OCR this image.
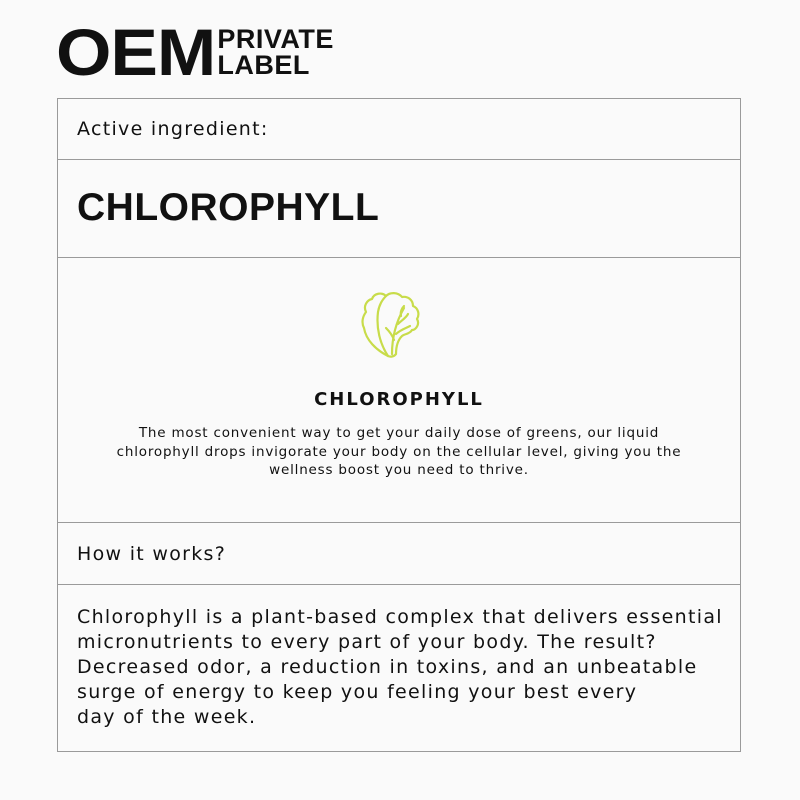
OEM PRIVATE
LABEL
Active ingredient:
CHLOROPHYLL
CHLOROPHYLL
The most convenient way to get your daily dose of greens, our liquid chlorophyll drops invigorate your body on the cellular level, giving you the wellness boost you need to thrive.
How it works?
Chlorophyll is a plant-based complex that delivers essential
micronutrients to every part of your body. The result?
Decreased odor, a reduction in toxins, and an unbeatable
surge of energy to keep you feeling your best every
day of the week.
